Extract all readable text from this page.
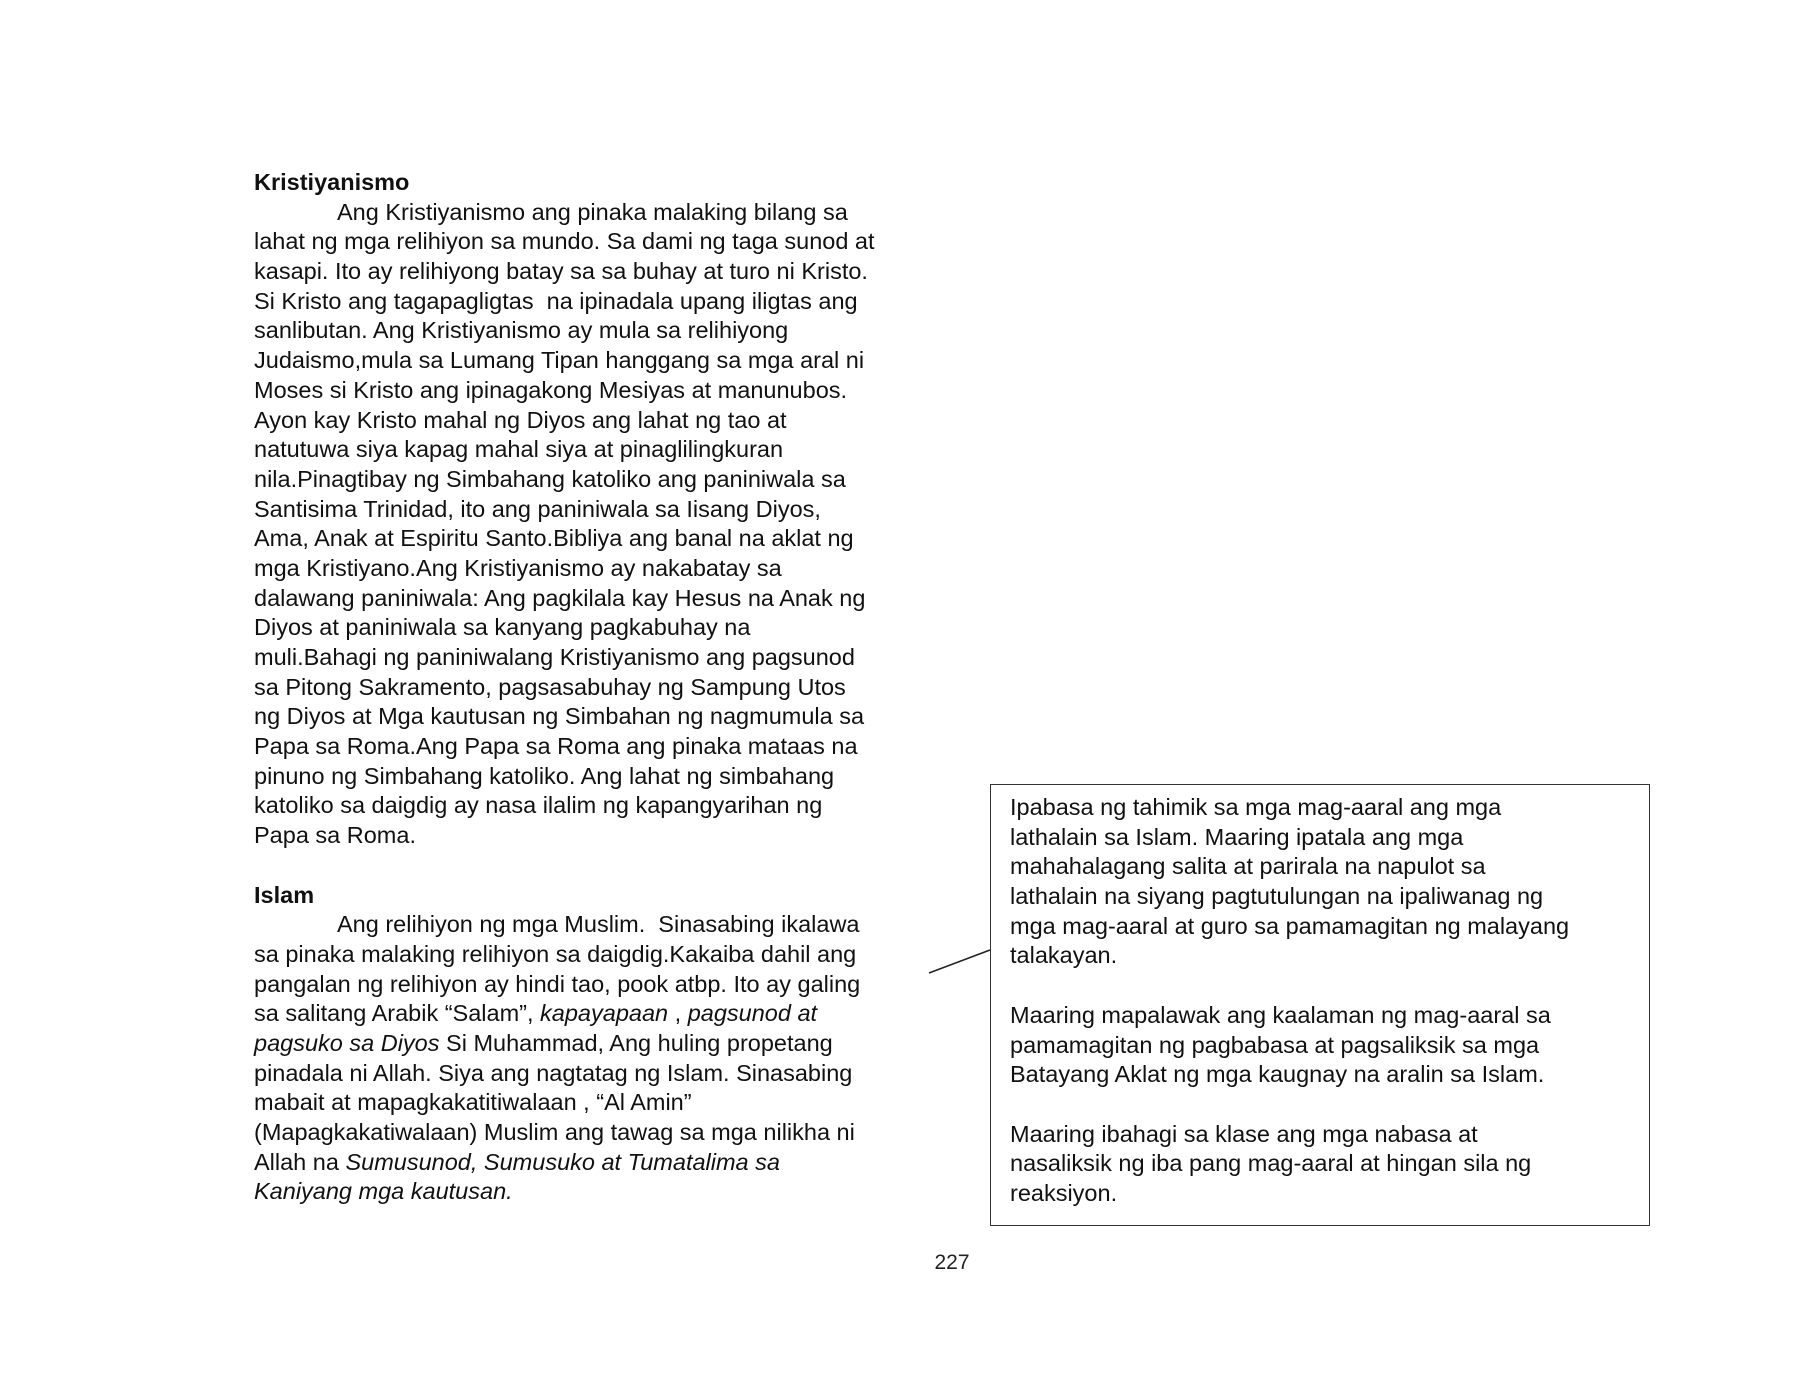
Kristiyanismo
Ang Kristiyanismo ang pinaka malaking bilang sa
lahat ng mga relihiyon sa mundo. Sa dami ng taga sunod at
kasapi. Ito ay relihiyong batay sa sa buhay at turo ni Kristo.
Si Kristo ang tagapagligtas  na ipinadala upang iligtas ang
sanlibutan. Ang Kristiyanismo ay mula sa relihiyong
Judaismo,mula sa Lumang Tipan hanggang sa mga aral ni
Moses si Kristo ang ipinagakong Mesiyas at manunubos.
Ayon kay Kristo mahal ng Diyos ang lahat ng tao at
natutuwa siya kapag mahal siya at pinaglilingkuran
nila.Pinagtibay ng Simbahang katoliko ang paniniwala sa
Santisima Trinidad, ito ang paniniwala sa Iisang Diyos,
Ama, Anak at Espiritu Santo.Bibliya ang banal na aklat ng
mga Kristiyano.Ang Kristiyanismo ay nakabatay sa
dalawang paniniwala: Ang pagkilala kay Hesus na Anak ng
Diyos at paniniwala sa kanyang pagkabuhay na
muli.Bahagi ng paniniwalang Kristiyanismo ang pagsunod
sa Pitong Sakramento, pagsasabuhay ng Sampung Utos
ng Diyos at Mga kautusan ng Simbahan ng nagmumula sa
Papa sa Roma.Ang Papa sa Roma ang pinaka mataas na
pinuno ng Simbahang katoliko. Ang lahat ng simbahang
katoliko sa daigdig ay nasa ilalim ng kapangyarihan ng
Papa sa Roma.
Islam
Ang relihiyon ng mga Muslim.  Sinasabing ikalawa
sa pinaka malaking relihiyon sa daigdig.Kakaiba dahil ang
pangalan ng relihiyon ay hindi tao, pook atbp. Ito ay galing
sa salitang Arabik “Salam”, kapayapaan , pagsunod at
pagsuko sa Diyos Si Muhammad, Ang huling propetang
pinadala ni Allah. Siya ang nagtatag ng Islam. Sinasabing
mabait at mapagkakatitiwalaan , “Al Amin”
(Mapagkakatiwalaan) Muslim ang tawag sa mga nilikha ni
Allah na Sumusunod, Sumusuko at Tumatalima sa
Kaniyang mga kautusan.
Ipabasa ng tahimik sa mga mag-aaral ang mga
lathalain sa Islam. Maaring ipatala ang mga
mahahalagang salita at parirala na napulot sa
lathalain na siyang pagtutulungan na ipaliwanag ng
mga mag-aaral at guro sa pamamagitan ng malayang
talakayan.
Maaring mapalawak ang kaalaman ng mag-aaral sa
pamamagitan ng pagbabasa at pagsaliksik sa mga
Batayang Aklat ng mga kaugnay na aralin sa Islam.
Maaring ibahagi sa klase ang mga nabasa at
nasaliksik ng iba pang mag-aaral at hingan sila ng
reaksiyon.
227
